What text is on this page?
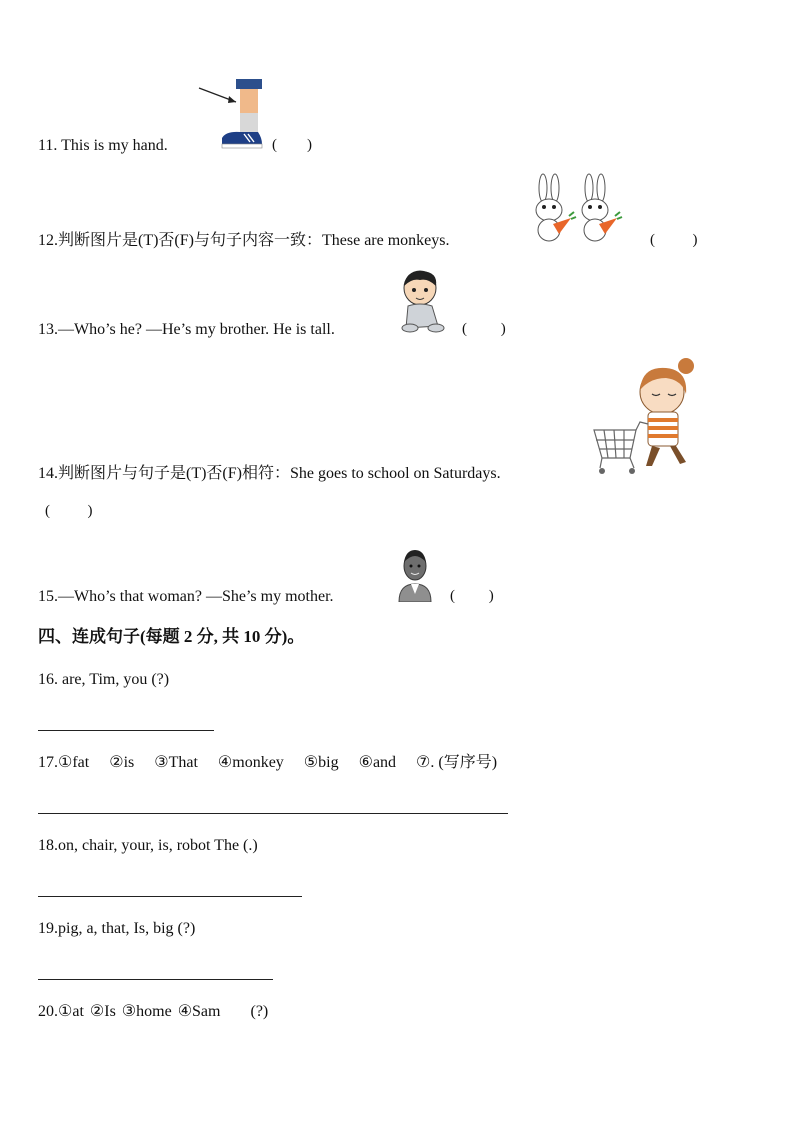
11. This is my hand.	(        )
12.判断图片是(T)否(F)与句子内容一致：These are monkeys.	(          )
13.—Who’s he? —He’s my brother. He is tall.	(         )
14.判断图片与句子是(T)否(F)相符：She goes to school on Saturdays.
(          )
15.—Who’s that woman? —She’s my mother.	(         )
四、连成句子(每题 2 分, 共 10 分)。
16. are, Tim, you (?)
17.①fat ②is ③That ④monkey ⑤big ⑥and ⑦. (写序号)
18.on, chair, your, is, robot The (.)
19.pig, a, that, Is, big (?)
20.①at ②Is ③home ④Sam (?)
